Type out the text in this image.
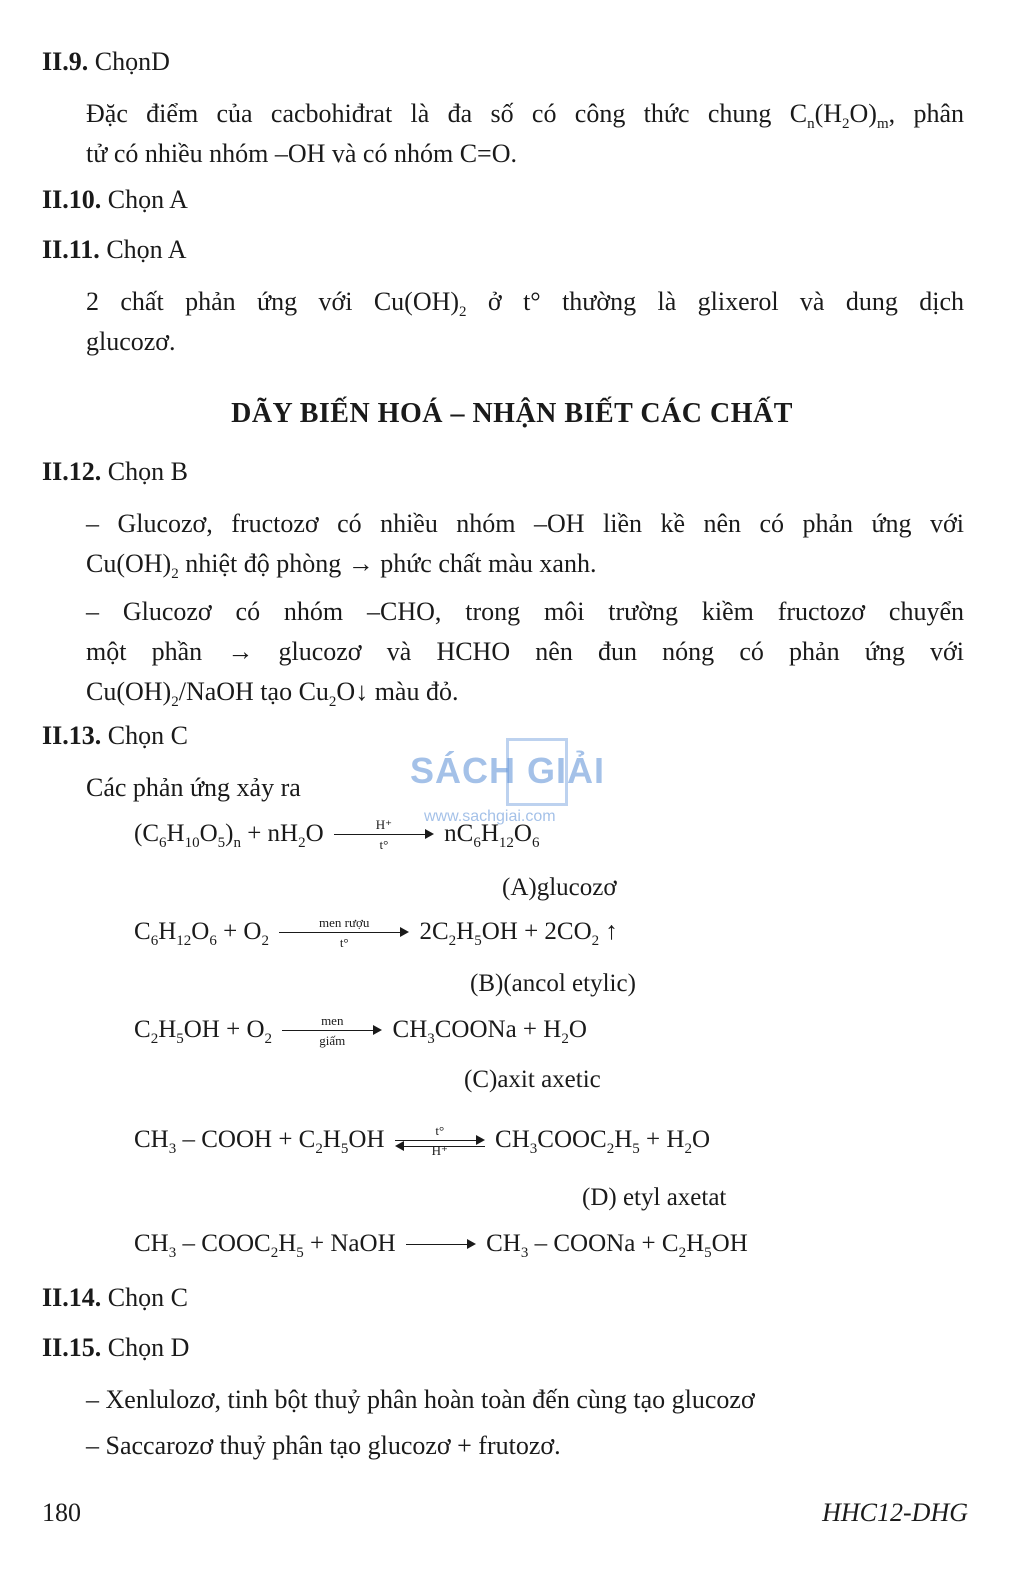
II.9. ChọnD
Đặc điểm của cacbohiđrat là đa số có công thức chung $C_n(H_2O)_m$, phân
tử có nhiều nhóm –OH và có nhóm C=O.
II.10. Chọn A
II.11. Chọn A
2 chất phản ứng với $Cu(OH)_2$ ở t° thường là glixerol và dung dịch
glucozơ.
DÃY BIẾN HOÁ – NHẬN BIẾT CÁC CHẤT
II.12. Chọn B
– Glucozơ, fructozơ có nhiều nhóm –OH liền kề nên có phản ứng với
$Cu(OH)_2$ nhiệt độ phòng → phức chất màu xanh.
– Glucozơ có nhóm –CHO, trong môi trường kiềm fructozơ chuyển
một phần → glucozơ và HCHO nên đun nóng có phản ứng với
$Cu(OH)_2$/NaOH tạo $Cu_2O↓$ màu đỏ.
II.13. Chọn C
Các phản ứng xảy ra	SÁCH GIẢI
www.sachgiai.com
$(C_6H_{10}O_5)_n + nH_2O \frac{H^+}{t^\circ} nC_6H_{12}O_6$
(A)glucozơ
$C_6H_{12}O_6 + O_2$
men rượu
t°	$2C_2H_5OH + 2CO_2$ ↑
(B)(ancol etylic)
$C_2H_5OH + O_2$
men
giấm	$CH_3COONa + H_2O$
(C)axit axetic
$CH_3$ – COOH + $C_2H_5OH$	t°
H⁺	$CH_3COOC_2H_5 + H_2O$
(D) etyl axetat
$CH_3$ – $COOC_2H_5$ + NaOH	$CH_3$ – COONa + $C_2H_5OH$
II.14. Chọn C
II.15. Chọn D
– Xenlulozơ, tinh bột thuỷ phân hoàn toàn đến cùng tạo glucozơ
– Saccarozơ thuỷ phân tạo glucozơ + frutozơ.
180	HHC12-DHG
